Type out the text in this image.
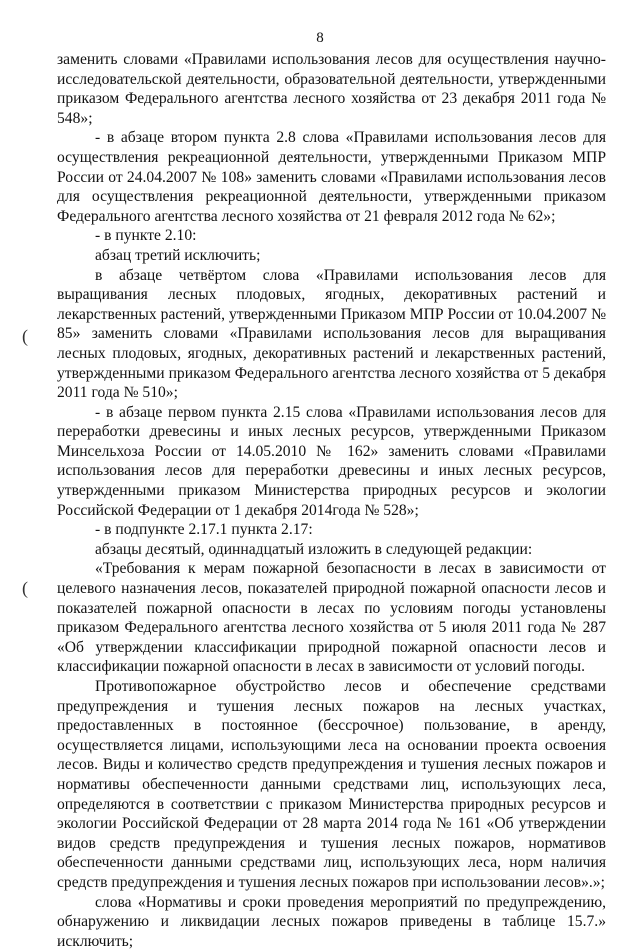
8
(
(

заменить словами «Правилами использования лесов для осуществления научно-исследовательской деятельности, образовательной деятельности, утвержденными приказом Федерального агентства лесного хозяйства от 23 декабря 2011 года № 548»;

- в абзаце втором пункта 2.8 слова «Правилами использования лесов для осуществления рекреационной деятельности, утвержденными Приказом МПР России от 24.04.2007 № 108» заменить словами «Правилами использования лесов для осуществления рекреационной деятельности, утвержденными приказом Федерального агентства лесного хозяйства от 21 февраля 2012 года № 62»;

- в пункте 2.10:

абзац третий исключить;

в абзаце четвёртом слова «Правилами использования лесов для выращивания лесных плодовых, ягодных, декоративных растений и лекарственных растений, утвержденными Приказом МПР России от 10.04.2007 № 85» заменить словами «Правилами использования лесов для выращивания лесных плодовых, ягодных, декоративных растений и лекарственных растений, утвержденными приказом Федерального агентства лесного хозяйства от 5 декабря 2011 года № 510»;

- в абзаце первом пункта 2.15 слова «Правилами использования лесов для переработки древесины и иных лесных ресурсов, утвержденными Приказом Минсельхоза России от 14.05.2010 № 162» заменить словами «Правилами использования лесов для переработки древесины и иных лесных ресурсов, утвержденными приказом Министерства природных ресурсов и экологии Российской Федерации от 1 декабря 2014года № 528»;

- в подпункте 2.17.1 пункта 2.17:

абзацы десятый, одиннадцатый изложить в следующей редакции:

«Требования к мерам пожарной безопасности в лесах в зависимости от целевого назначения лесов, показателей природной пожарной опасности лесов и показателей пожарной опасности в лесах по условиям погоды установлены приказом Федерального агентства лесного хозяйства от 5 июля 2011 года № 287 «Об утверждении классификации природной пожарной опасности лесов и классификации пожарной опасности в лесах в зависимости от условий погоды.

Противопожарное обустройство лесов и обеспечение средствами предупреждения и тушения лесных пожаров на лесных участках, предоставленных в постоянное (бессрочное) пользование, в аренду, осуществляется лицами, использующими леса на основании проекта освоения лесов. Виды и количество средств предупреждения и тушения лесных пожаров и нормативы обеспеченности данными средствами лиц, использующих леса, определяются в соответствии с приказом Министерства природных ресурсов и экологии Российской Федерации от 28 марта 2014 года № 161 «Об утверждении видов средств предупреждения и тушения лесных пожаров, нормативов обеспеченности данными средствами лиц, использующих леса, норм наличия средств предупреждения и тушения лесных пожаров при использовании лесов».»;

слова «Нормативы и сроки проведения мероприятий по предупреждению, обнаружению и ликвидации лесных пожаров приведены в таблице 15.7.» исключить;
